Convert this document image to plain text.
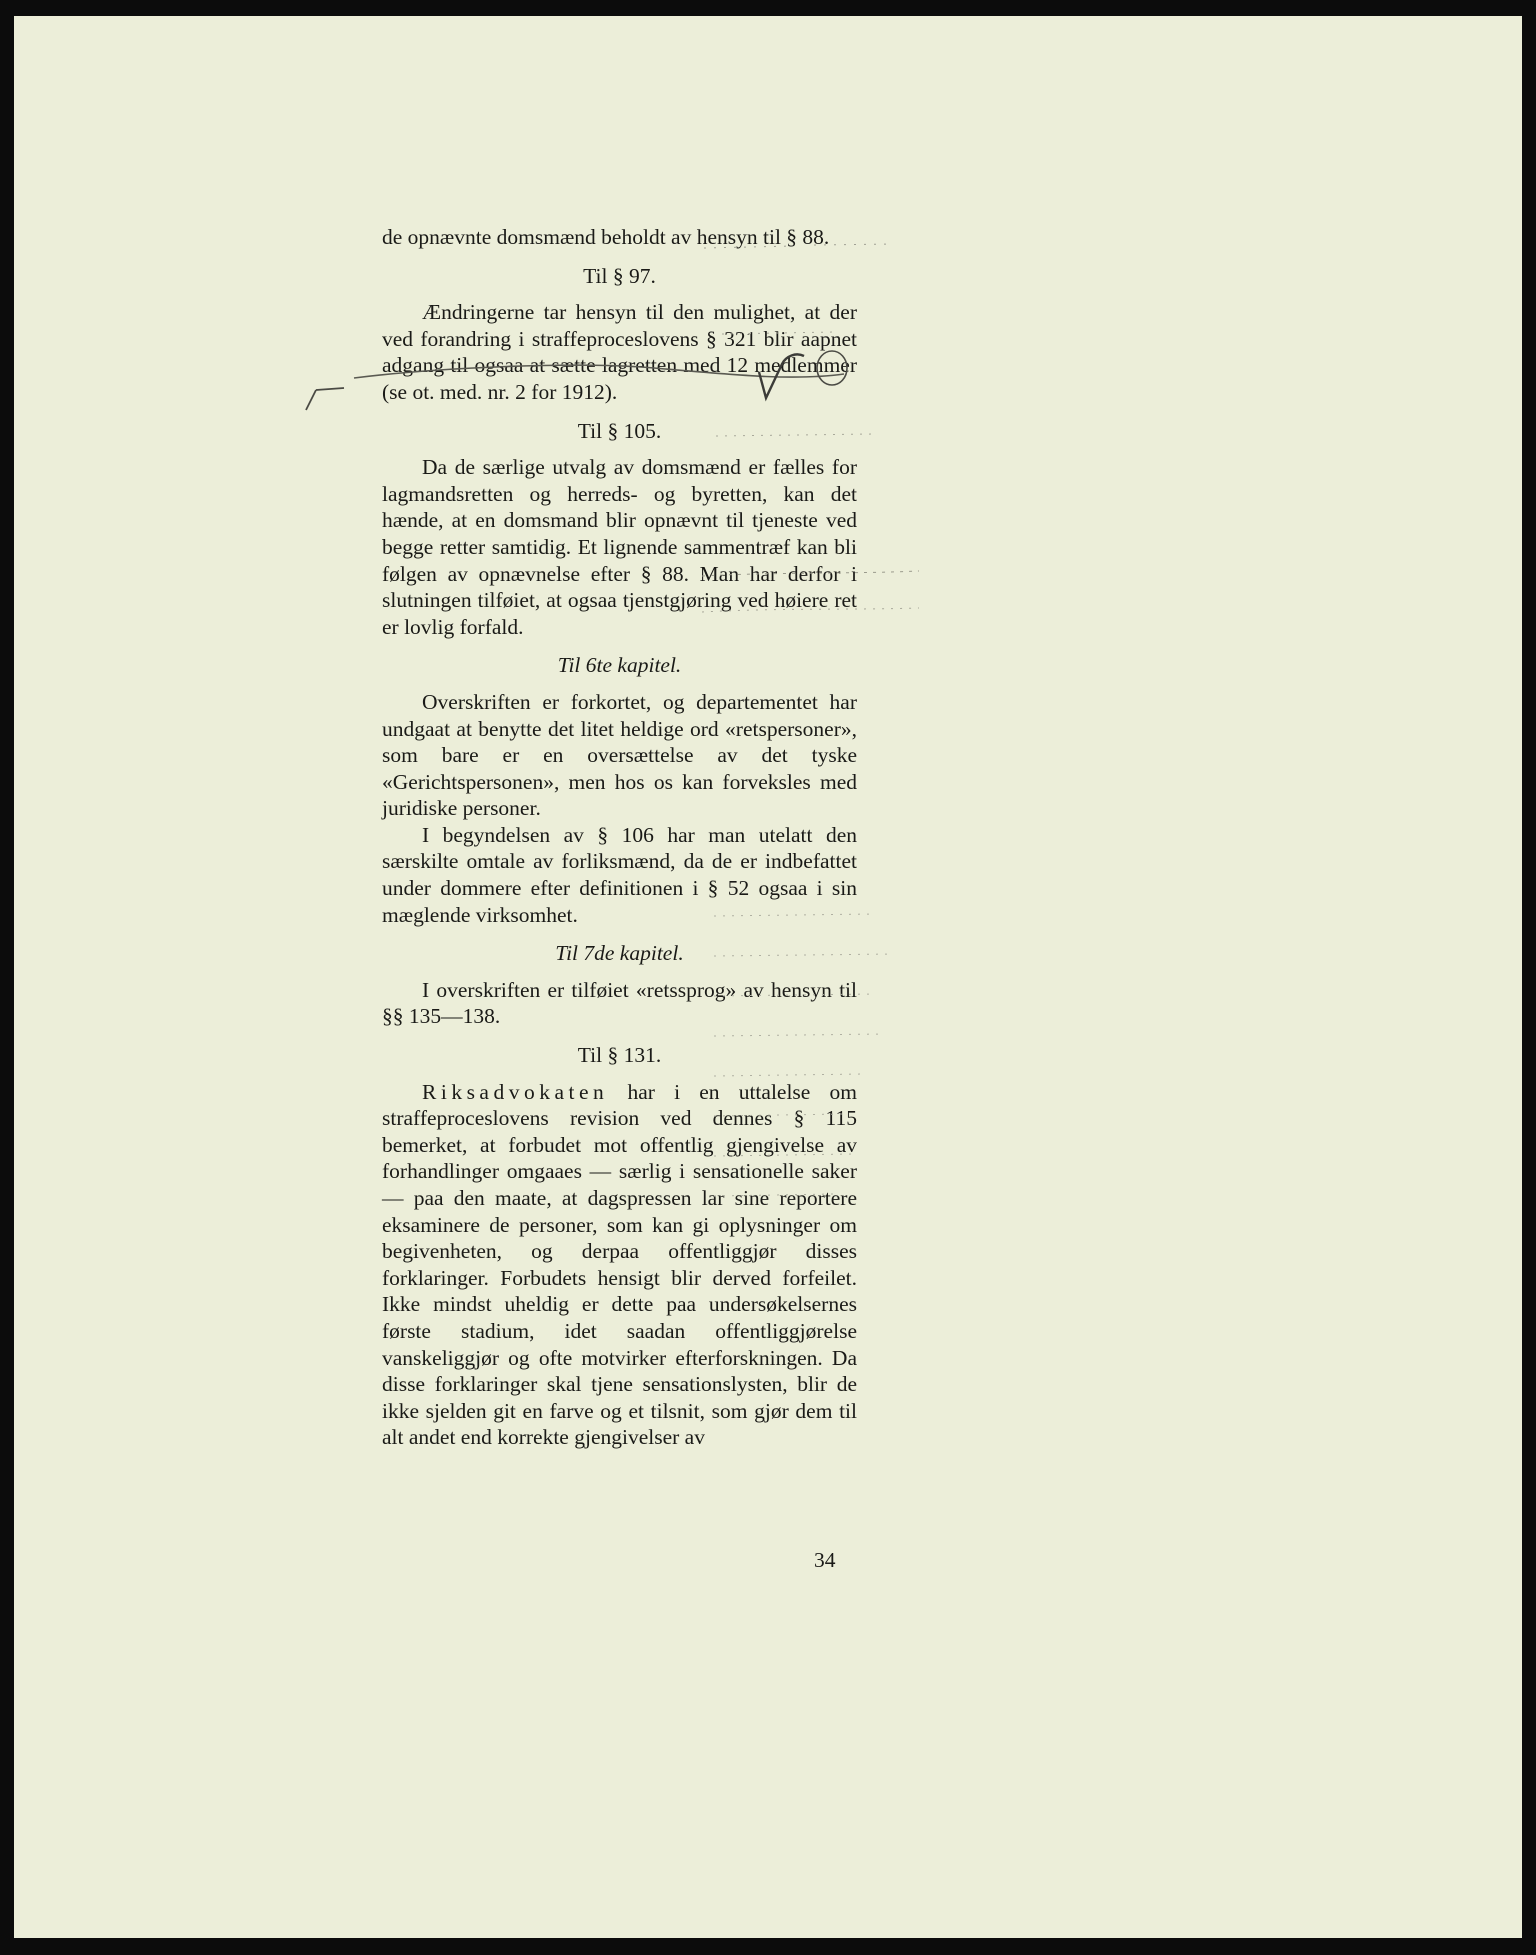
de opnævnte domsmænd beholdt av hensyn til § 88.

Til § 97.

Ændringerne tar hensyn til den mulighet, at der ved forandring i straffeproceslovens § 321 blir aapnet adgang til ogsaa at sætte lagretten med 12 medlemmer (se ot. med. nr. 2 for 1912).

Til § 105.

Da de særlige utvalg av domsmænd er fælles for lagmandsretten og herreds- og byretten, kan det hænde, at en domsmand blir opnævnt til tjeneste ved begge retter samtidig. Et lignende sammentræf kan bli følgen av opnævnelse efter § 88. Man har derfor i slutningen tilføiet, at ogsaa tjenstgjøring ved høiere ret er lovlig forfald.

Til 6te kapitel.

Overskriften er forkortet, og departementet har undgaat at benytte det litet heldige ord «retspersoner», som bare er en oversættelse av det tyske «Gerichtspersonen», men hos os kan forveksles med juridiske personer.

I begyndelsen av § 106 har man utelatt den særskilte omtale av forliksmænd, da de er indbefattet under dommere efter definitionen i § 52 ogsaa i sin mæglende virksomhet.

Til 7de kapitel.

I overskriften er tilføiet «retssprog» av hensyn til §§ 135—138.

Til § 131.

Riksadvokaten har i en uttalelse om straffeproceslovens revision ved dennes § 115 bemerket, at forbudet mot offentlig gjengivelse av forhandlinger omgaaes — særlig i sensationelle saker — paa den maate, at dagspressen lar sine reportere eksaminere de personer, som kan gi oplysninger om begivenheten, og derpaa offentliggjør disses forklaringer. Forbudets hensigt blir derved forfeilet. Ikke mindst uheldig er dette paa undersøkelsernes første stadium, idet saadan offentliggjørelse vanskeliggjør og ofte motvirker efterforskningen. Da disse forklaringer skal tjene sensationslysten, blir de ikke sjelden git en farve og et tilsnit, som gjør dem til alt andet end korrekte gjengivelser av

34
